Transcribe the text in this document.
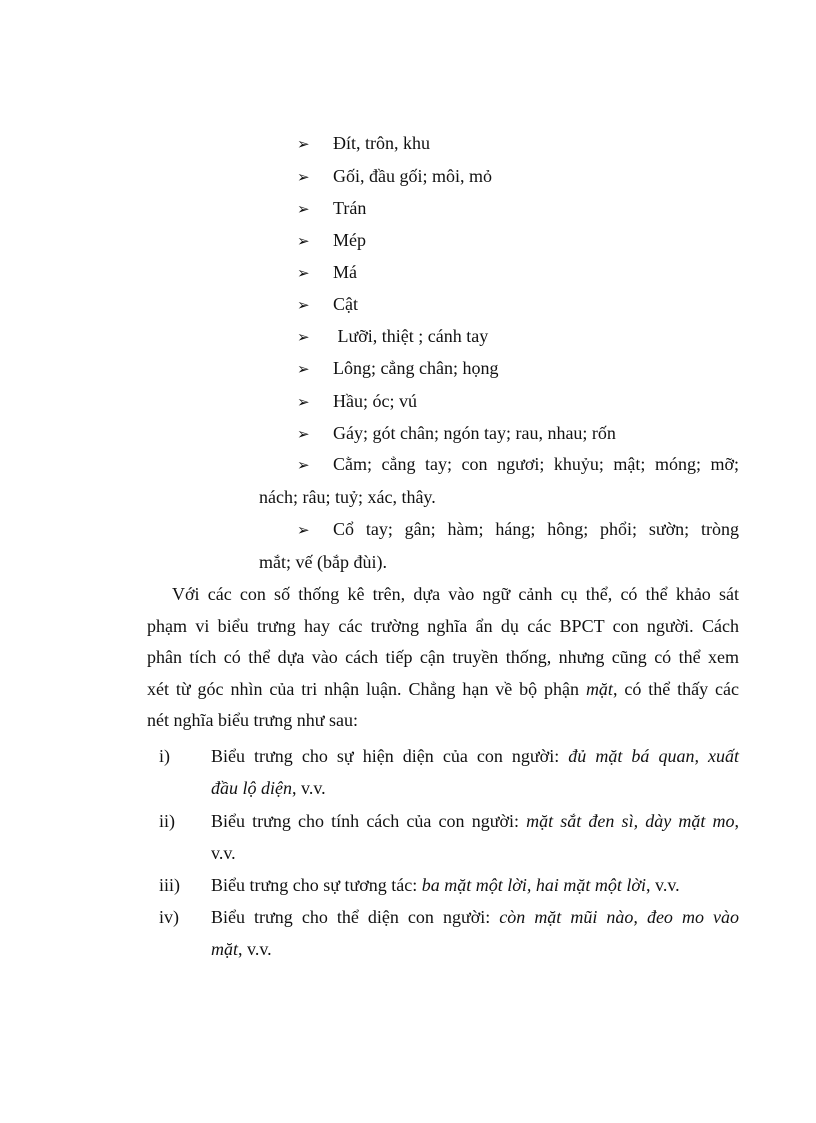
➢ Đít, trôn, khu
➢ Gối, đầu gối; môi, mỏ
➢ Trán
➢ Mép
➢ Má
➢ Cật
➢ Lưỡi, thiệt ; cánh tay
➢ Lông; cẳng chân; họng
➢ Hầu; óc; vú
➢ Gáy; gót chân; ngón tay; rau, nhau; rốn
➢ Cằm; cẳng tay; con ngươi; khuỷu; mật; móng; mỡ;
nách; râu; tuỷ; xác, thây.
➢ Cổ tay; gân; hàm; háng; hông; phổi; sườn; tròng
mắt; vế (bắp đùi).
Với các con số thống kê trên, dựa vào ngữ cảnh cụ thể, có thể khảo sát
phạm vi biểu trưng hay các trường nghĩa ẩn dụ các BPCT con người. Cách
phân tích có thể dựa vào cách tiếp cận truyền thống, nhưng cũng có thể xem
xét từ góc nhìn của tri nhận luận. Chẳng hạn về bộ phận mặt, có thể thấy các
nét nghĩa biểu trưng như sau:
i) Biểu trưng cho sự hiện diện của con người: đủ mặt bá quan, xuất
đầu lộ diện, v.v.
ii) Biểu trưng cho tính cách của con người: mặt sắt đen sì, dày mặt mo,
v.v.
iii) Biểu trưng cho sự tương tác: ba mặt một lời, hai mặt một lời, v.v.
iv) Biểu trưng cho thể diện con người: còn mặt mũi nào, đeo mo vào
mặt, v.v.
